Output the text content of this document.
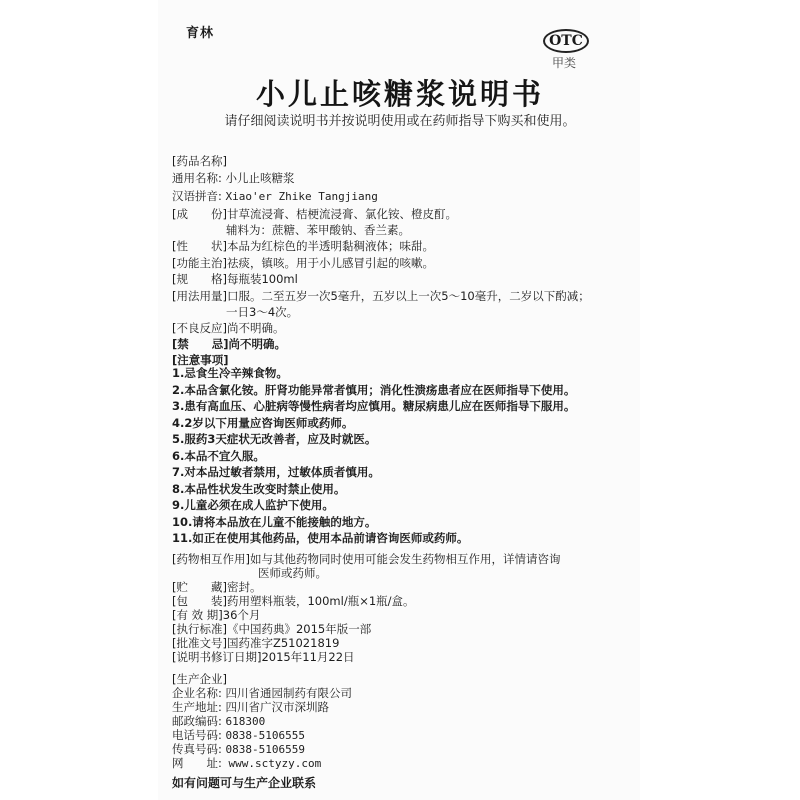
育林	OTC
甲类
小儿止咳糖浆说明书
请仔细阅读说明书并按说明使用或在药师指导下购买和使用。
[药品名称]
通用名称: 小儿止咳糖浆
汉语拼音: Xiao'er Zhike Tangjiang
[成　　份]甘草流浸膏、桔梗流浸膏、氯化铵、橙皮酊。
辅料为：蔗糖、苯甲酸钠、香兰素。
[性　　状]本品为红棕色的半透明黏稠液体；味甜。
[功能主治]祛痰，镇咳。用于小儿感冒引起的咳嗽。
[规　　格]每瓶装100ml
[用法用量]口服。二至五岁一次5毫升，五岁以上一次5～10毫升，二岁以下酌减；
一日3～4次。
[不良反应]尚不明确。
[禁　　忌]尚不明确。
[注意事项]
1.忌食生冷辛辣食物。
2.本品含氯化铵。肝肾功能异常者慎用；消化性溃疡患者应在医师指导下使用。
3.患有高血压、心脏病等慢性病者均应慎用。糖尿病患儿应在医师指导下服用。
4.2岁以下用量应咨询医师或药师。
5.服药3天症状无改善者，应及时就医。
6.本品不宜久服。
7.对本品过敏者禁用，过敏体质者慎用。
8.本品性状发生改变时禁止使用。
9.儿童必须在成人监护下使用。
10.请将本品放在儿童不能接触的地方。
11.如正在使用其他药品，使用本品前请咨询医师或药师。
[药物相互作用]如与其他药物同时使用可能会发生药物相互作用，详情请咨询
医师或药师。
[贮　　藏]密封。
[包　　装]药用塑料瓶装，100ml/瓶×1瓶/盒。
[有 效 期]36个月
[执行标准]《中国药典》2015年版一部
[批准文号]国药准字Z51021819
[说明书修订日期]2015年11月22日
[生产企业]
企业名称: 四川省通园制药有限公司
生产地址: 四川省广汉市深圳路
邮政编码: 618300
电话号码: 0838-5106555
传真号码: 0838-5106559
网　　址: www.sctyzy.com
如有问题可与生产企业联系
